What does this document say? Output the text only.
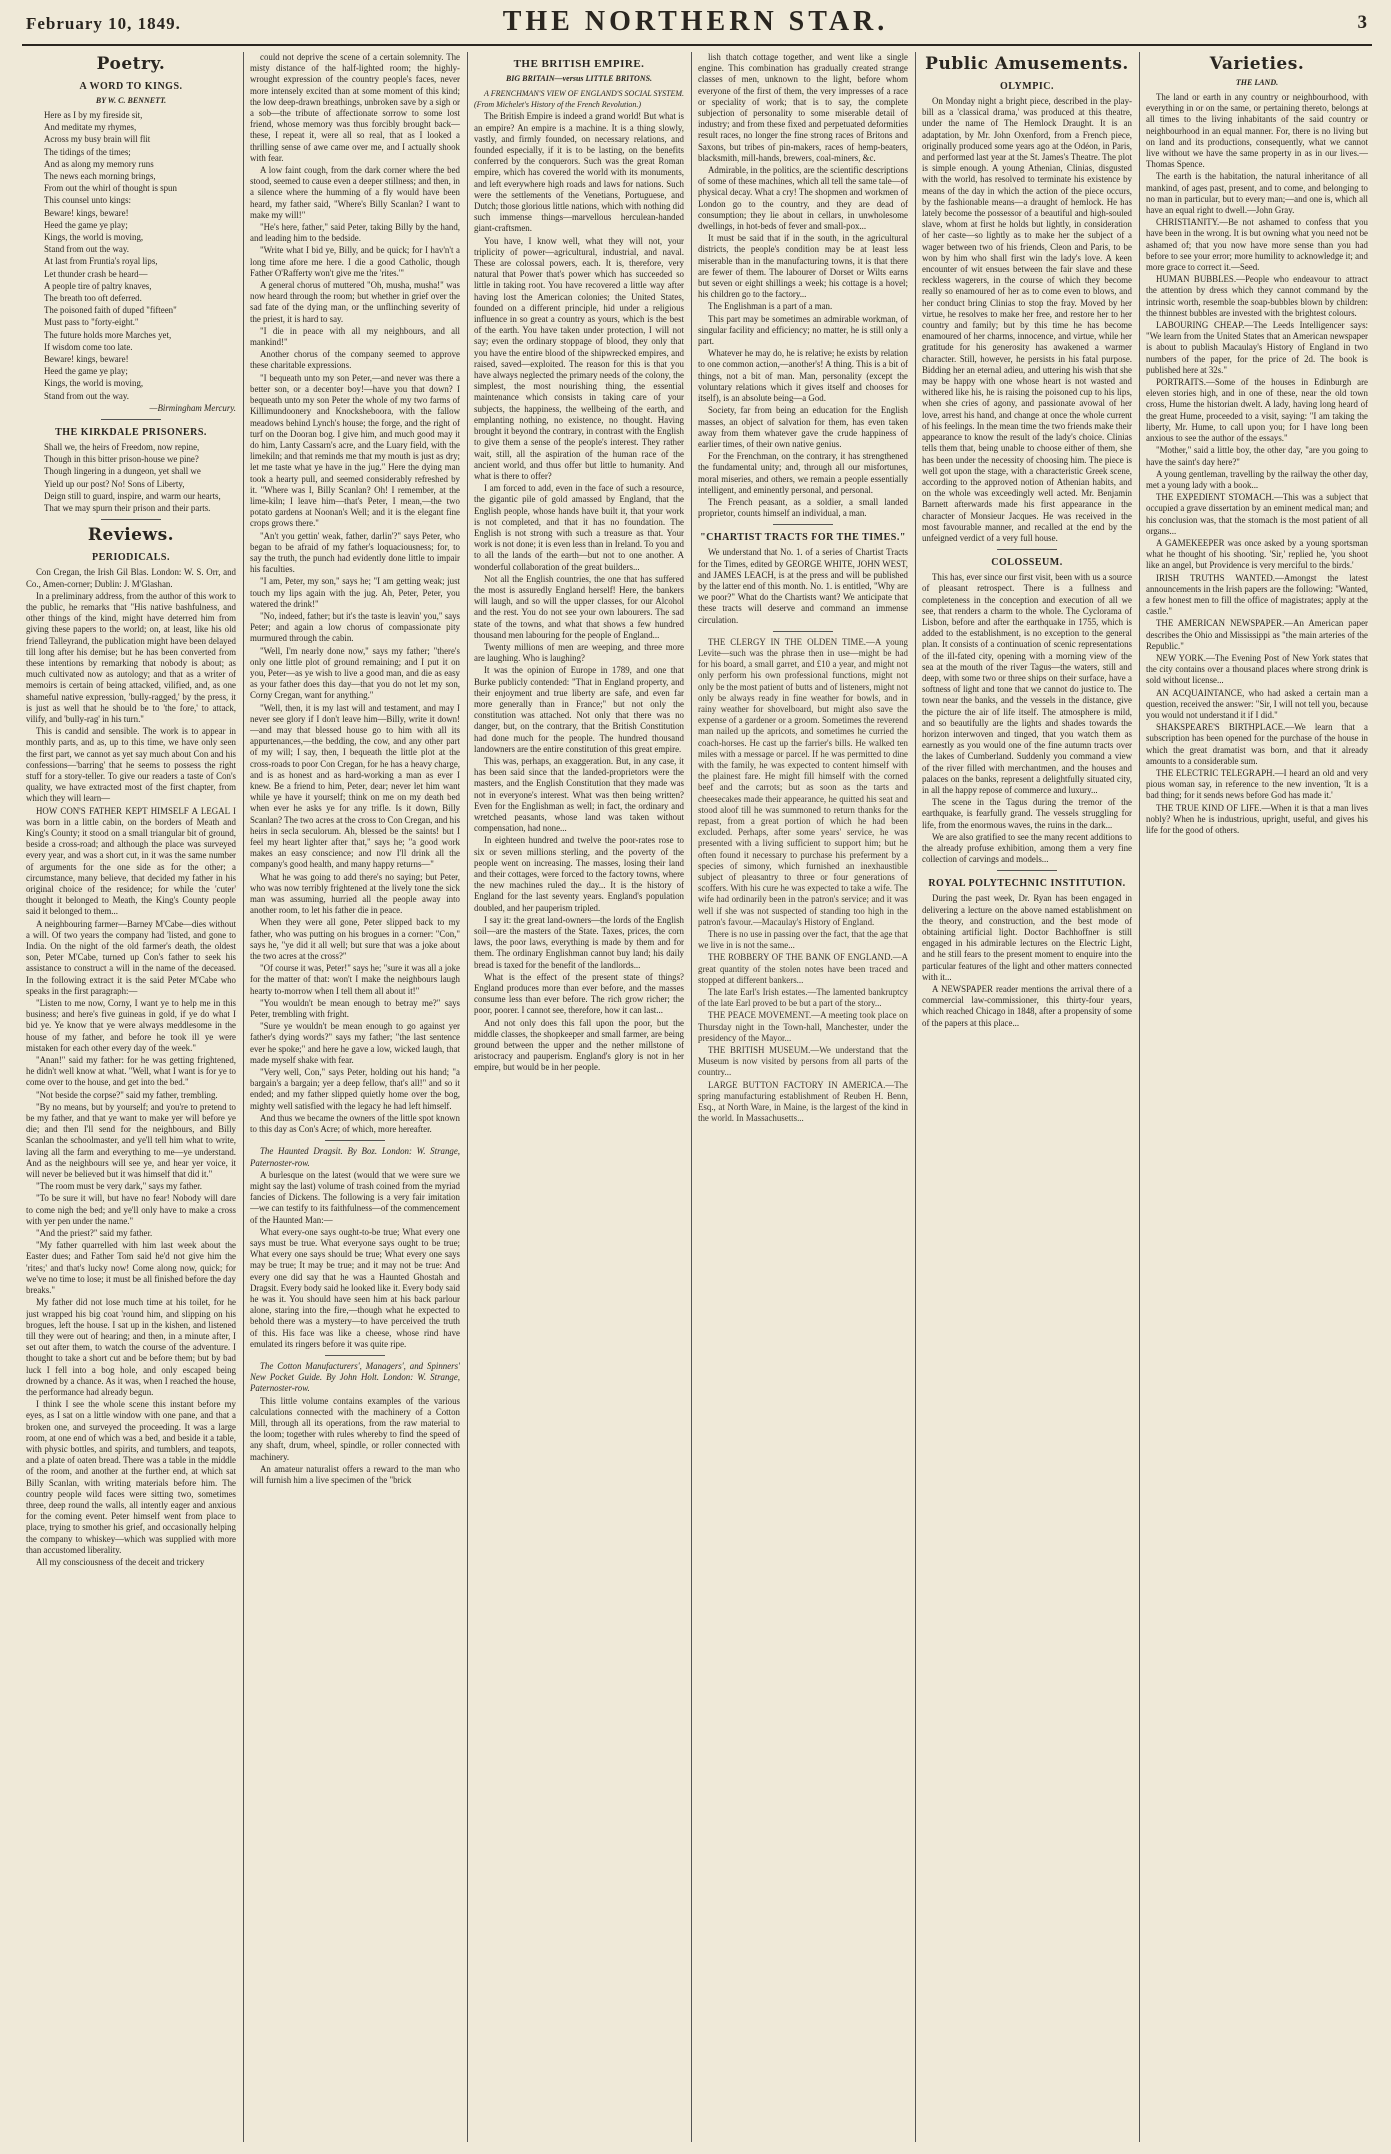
February 10, 1849.	THE NORTHERN STAR.	3
Poetry.
A WORD TO KINGS.
BY W. C. BENNETT.

Here as I by my fireside sit,

And meditate my rhymes,

Across my busy brain will flit

The tidings of the times;

And as along my memory runs

The news each morning brings,

From out the whirl of thought is spun

This counsel unto kings:

Beware! kings, beware!

Heed the game ye play;

Kings, the world is moving,

Stand from out the way.

At last from Fruntia's royal lips,

Let thunder crash be heard—

A people tire of paltry knaves,

The breath too oft deferred.

The poisoned faith of duped "fifteen"

Must pass to "forty-eight."

The future holds more Marches yet,

If wisdom come too late.

Beware! kings, beware!

Heed the game ye play;

Kings, the world is moving,

Stand from out the way.

—Birmingham Mercury.

THE KIRKDALE PRISONERS.

Shall we, the heirs of Freedom, now repine,

Though in this bitter prison-house we pine?

Though lingering in a dungeon, yet shall we

Yield up our post? No! Sons of Liberty,

Deign still to guard, inspire, and warm our hearts,

That we may spurn their prison and their parts.

Reviews.
PERIODICALS.

Con Cregan, the Irish Gil Blas. London: W. S. Orr, and Co., Amen-corner; Dublin: J. M'Glashan.

In a preliminary address, from the author of this work to the public, he remarks that "His native bashfulness, and other things of the kind, might have deterred him from giving these papers to the world; on, at least, like his old friend Talleyrand, the publication might have been delayed till long after his demise; but he has been converted from these intentions by remarking that nobody is about; as much cultivated now as autology; and that as a writer of memoirs is certain of being attacked, vilified, and, as one shameful native expression, 'bully-ragged,' by the press, it is just as well that he should be to 'the fore,' to attack, vilify, and 'bully-rag' in his turn."

This is candid and sensible. The work is to appear in monthly parts, and as, up to this time, we have only seen the first part, we cannot as yet say much about Con and his confessions—'barring' that he seems to possess the right stuff for a story-teller. To give our readers a taste of Con's quality, we have extracted most of the first chapter, from which they will learn—

HOW CON'S FATHER KEPT HIMSELF A LEGAL I was born in a little cabin, on the borders of Meath and King's County; it stood on a small triangular bit of ground, beside a cross-road; and although the place was surveyed every year, and was a short cut, in it was the same number of arguments for the one side as for the other; a circumstance, many believe, that decided my father in his original choice of the residence; for while the 'cuter' thought it belonged to Meath, the King's County people said it belonged to them...

A neighbouring farmer—Barney M'Cabe—dies without a will. Of two years the company had 'listed, and gone to India. On the night of the old farmer's death, the oldest son, Peter M'Cabe, turned up Con's father to seek his assistance to construct a will in the name of the deceased. In the following extract it is the said Peter M'Cabe who speaks in the first paragraph:—

"Listen to me now, Corny, I want ye to help me in this business; and here's five guineas in gold, if ye do what I bid ye. Ye know that ye were always meddlesome in the house of my father, and before he took ill ye were mistaken for each other every day of the week."

"Anan!" said my father: for he was getting frightened, he didn't well know at what. "Well, what I want is for ye to come over to the house, and get into the bed."

"Not beside the corpse?" said my father, trembling.

"By no means, but by yourself; and you're to pretend to be my father, and that ye want to make yer will before ye die; and then I'll send for the neighbours, and Billy Scanlan the schoolmaster, and ye'll tell him what to write, laving all the farm and everything to me—ye understand. And as the neighbours will see ye, and hear yer voice, it will never be believed but it was himself that did it."

"The room must be very dark," says my father.

"To be sure it will, but have no fear! Nobody will dare to come nigh the bed; and ye'll only have to make a cross with yer pen under the name."

"And the priest?" said my father.

"My father quarrelled with him last week about the Easter dues; and Father Tom said he'd not give him the 'rites;' and that's lucky now! Come along now, quick; for we've no time to lose; it must be all finished before the day breaks."

My father did not lose much time at his toilet, for he just wrapped his big coat 'round him, and slipping on his brogues, left the house. I sat up in the kishen, and listened till they were out of hearing; and then, in a minute after, I set out after them, to watch the course of the adventure. I thought to take a short cut and be before them; but by bad luck I fell into a bog hole, and only escaped being drowned by a chance. As it was, when I reached the house, the performance had already begun.

I think I see the whole scene this instant before my eyes, as I sat on a little window with one pane, and that a broken one, and surveyed the proceeding. It was a large room, at one end of which was a bed, and beside it a table, with physic bottles, and spirits, and tumblers, and teapots, and a plate of oaten bread. There was a table in the middle of the room, and another at the further end, at which sat Billy Scanlan, with writing materials before him. The country people wild faces were sitting two, sometimes three, deep round the walls, all intently eager and anxious for the coming event. Peter himself went from place to place, trying to smother his grief, and occasionally helping the company to whiskey—which was supplied with more than accustomed liberality.

All my consciousness of the deceit and trickery

could not deprive the scene of a certain solemnity. The misty distance of the half-lighted room; the highly-wrought expression of the country people's faces, never more intensely excited than at some moment of this kind; the low deep-drawn breathings, unbroken save by a sigh or a sob—the tribute of affectionate sorrow to some lost friend, whose memory was thus forcibly brought back—these, I repeat it, were all so real, that as I looked a thrilling sense of awe came over me, and I actually shook with fear.

A low faint cough, from the dark corner where the bed stood, seemed to cause even a deeper stillness; and then, in a silence where the humming of a fly would have been heard, my father said, "Where's Billy Scanlan? I want to make my will!"

"He's here, father," said Peter, taking Billy by the hand, and leading him to the bedside.

"Write what I bid ye, Billy, and be quick; for I hav'n't a long time afore me here. I die a good Catholic, though Father O'Rafferty won't give me the 'rites.'"

A general chorus of muttered "Oh, musha, musha!" was now heard through the room; but whether in grief over the sad fate of the dying man, or the unflinching severity of the priest, it is hard to say.

"I die in peace with all my neighbours, and all mankind!"

Another chorus of the company seemed to approve these charitable expressions.

"I bequeath unto my son Peter,—and never was there a better son, or a decenter boy!—have you that down? I bequeath unto my son Peter the whole of my two farms of Killimundoonery and Knocksheboora, with the fallow meadows behind Lynch's house; the forge, and the right of turf on the Dooran bog. I give him, and much good may it do him, Lanty Cassarn's acre, and the Luary field, with the limekiln; and that reminds me that my mouth is just as dry; let me taste what ye have in the jug." Here the dying man took a hearty pull, and seemed considerably refreshed by it. "Where was I, Billy Scanlan? Oh! I remember, at the lime-kiln; I leave him—that's Peter, I mean,—the two potato gardens at Noonan's Well; and it is the elegant fine crops grows there."

"An't you gettin' weak, father, darlin'?" says Peter, who began to be afraid of my father's loquaciousness; for, to say the truth, the punch had evidently done little to impair his faculties.

"I am, Peter, my son," says he; "I am getting weak; just touch my lips again with the jug. Ah, Peter, Peter, you watered the drink!"

"No, indeed, father; but it's the taste is leavin' you," says Peter; and again a low chorus of compassionate pity murmured through the cabin.

"Well, I'm nearly done now," says my father; "there's only one little plot of ground remaining; and I put it on you, Peter—as ye wish to live a good man, and die as easy as your father does this day—that you do not let my son, Corny Cregan, want for anything."

"Well, then, it is my last will and testament, and may I never see glory if I don't leave him—Billy, write it down!—and may that blessed house go to him with all its appurtenances,—the bedding, the cow, and any other part of my will; I say, then, I bequeath the little plot at the cross-roads to poor Con Cregan, for he has a heavy charge, and is as honest and as hard-working a man as ever I knew. Be a friend to him, Peter, dear; never let him want while ye have it yourself; think on me on my death bed when ever he asks ye for any trifle. Is it down, Billy Scanlan? The two acres at the cross to Con Cregan, and his heirs in secla seculorum. Ah, blessed be the saints! but I feel my heart lighter after that," says he; "a good work makes an easy conscience; and now I'll drink all the company's good health, and many happy returns—"

What he was going to add there's no saying; but Peter, who was now terribly frightened at the lively tone the sick man was assuming, hurried all the people away into another room, to let his father die in peace.

When they were all gone, Peter slipped back to my father, who was putting on his brogues in a corner: "Con," says he, "ye did it all well; but sure that was a joke about the two acres at the cross?"

"Of course it was, Peter!" says he; "sure it was all a joke for the matter of that: won't I make the neighbours laugh hearty to-morrow when I tell them all about it!"

"You wouldn't be mean enough to betray me?" says Peter, trembling with fright.

"Sure ye wouldn't be mean enough to go against yer father's dying words?" says my father; "the last sentence ever he spoke;" and here he gave a low, wicked laugh, that made myself shake with fear.

"Very well, Con," says Peter, holding out his hand; "a bargain's a bargain; yer a deep fellow, that's all!" and so it ended; and my father slipped quietly home over the bog, mighty well satisfied with the legacy he had left himself.

And thus we became the owners of the little spot known to this day as Con's Acre; of which, more hereafter.

The Haunted Dragsit. By Boz. London: W. Strange, Paternoster-row.

A burlesque on the latest (would that we were sure we might say the last) volume of trash coined from the myriad fancies of Dickens. The following is a very fair imitation—we can testify to its faithfulness—of the commencement of the Haunted Man:—

What every-one says ought-to-be true; What every one says must be true. What everyone says ought to be true; What every one says should be true; What every one says may be true; It may be true; and it may not be true: And every one did say that he was a Haunted Ghostah and Dragsit. Every body said he looked like it. Every body said he was it. You should have seen him at his back parlour alone, staring into the fire,—though what he expected to behold there was a mystery—to have perceived the truth of this. His face was like a cheese, whose rind have emulated its ringers before it was quite ripe.

The Cotton Manufacturers', Managers', and Spinners' New Pocket Guide. By John Holt. London: W. Strange, Paternoster-row.

This little volume contains examples of the various calculations connected with the machinery of a Cotton Mill, through all its operations, from the raw material to the loom; together with rules whereby to find the speed of any shaft, drum, wheel, spindle, or roller connected with machinery.

An amateur naturalist offers a reward to the man who will furnish him a live specimen of the "brick

THE BRITISH EMPIRE.
BIG BRITAIN—versus LITTLE BRITONS.

A FRENCHMAN'S VIEW OF ENGLAND'S SOCIAL SYSTEM. (From Michelet's History of the French Revolution.)

The British Empire is indeed a grand world! But what is an empire? An empire is a machine. It is a thing slowly, vastly, and firmly founded, on necessary relations, and founded especially, if it is to be lasting, on the benefits conferred by the conquerors. Such was the great Roman empire, which has covered the world with its monuments, and left everywhere high roads and laws for nations. Such were the settlements of the Venetians, Portuguese, and Dutch; those glorious little nations, which with nothing did such immense things—marvellous herculean-handed giant-craftsmen.

You have, I know well, what they will not, your triplicity of power—agricultural, industrial, and naval. These are colossal powers, each. It is, therefore, very natural that Power that's power which has succeeded so little in taking root. You have recovered a little way after having lost the American colonies; the United States, founded on a different principle, hid under a religious influence in so great a country as yours, which is the best of the earth. You have taken under protection, I will not say; even the ordinary stoppage of blood, they only that you have the entire blood of the shipwrecked empires, and raised, saved—exploited. The reason for this is that you have always neglected the primary needs of the colony, the simplest, the most nourishing thing, the essential maintenance which consists in taking care of your subjects, the happiness, the wellbeing of the earth, and emplanting nothing, no existence, no thought. Having brought it beyond the contrary, in contrast with the English to give them a sense of the people's interest. They rather wait, still, all the aspiration of the human race of the ancient world, and thus offer but little to humanity. And what is there to offer?

I am forced to add, even in the face of such a resource, the gigantic pile of gold amassed by England, that the English people, whose hands have built it, that your work is not completed, and that it has no foundation. The English is not strong with such a treasure as that. Your work is not done; it is even less than in Ireland. To you and to all the lands of the earth—but not to one another. A wonderful collaboration of the great builders...

Not all the English countries, the one that has suffered the most is assuredly England herself! Here, the bankers will laugh, and so will the upper classes, for our Alcohol and the rest. You do not see your own labourers. The sad state of the towns, and what that shows a few hundred thousand men labouring for the people of England...

Twenty millions of men are weeping, and three more are laughing. Who is laughing?

It was the opinion of Europe in 1789, and one that Burke publicly contended: "That in England property, and their enjoyment and true liberty are safe, and even far more generally than in France;" but not only the constitution was attached. Not only that there was no danger, but, on the contrary, that the British Constitution had done much for the people. The hundred thousand landowners are the entire constitution of this great empire.

This was, perhaps, an exaggeration. But, in any case, it has been said since that the landed-proprietors were the masters, and the English Constitution that they made was not in everyone's interest. What was then being written? Even for the Englishman as well; in fact, the ordinary and wretched peasants, whose land was taken without compensation, had none...

In eighteen hundred and twelve the poor-rates rose to six or seven millions sterling, and the poverty of the people went on increasing. The masses, losing their land and their cottages, were forced to the factory towns, where the new machines ruled the day... It is the history of England for the last seventy years. England's population doubled, and her pauperism tripled.

I say it: the great land-owners—the lords of the English soil—are the masters of the State. Taxes, prices, the corn laws, the poor laws, everything is made by them and for them. The ordinary Englishman cannot buy land; his daily bread is taxed for the benefit of the landlords...

What is the effect of the present state of things? England produces more than ever before, and the masses consume less than ever before. The rich grow richer; the poor, poorer. I cannot see, therefore, how it can last...

And not only does this fall upon the poor, but the middle classes, the shopkeeper and small farmer, are being ground between the upper and the nether millstone of aristocracy and pauperism. England's glory is not in her empire, but would be in her people.

lish thatch cottage together, and went like a single engine. This combination has gradually created strange classes of men, unknown to the light, before whom everyone of the first of them, the very impresses of a race or speciality of work; that is to say, the complete subjection of personality to some miserable detail of industry; and from these fixed and perpetuated deformities result races, no longer the fine strong races of Britons and Saxons, but tribes of pin-makers, races of hemp-beaters, blacksmith, mill-hands, brewers, coal-miners, &c.

Admirable, in the politics, are the scientific descriptions of some of these machines, which all tell the same tale—of physical decay. What a cry! The shopmen and workmen of London go to the country, and they are dead of consumption; they lie about in cellars, in unwholesome dwellings, in hot-beds of fever and small-pox...

It must be said that if in the south, in the agricultural districts, the people's condition may be at least less miserable than in the manufacturing towns, it is that there are fewer of them. The labourer of Dorset or Wilts earns but seven or eight shillings a week; his cottage is a hovel; his children go to the factory...

The Englishman is a part of a man.

This part may be sometimes an admirable workman, of singular facility and efficiency; no matter, he is still only a part.

Whatever he may do, he is relative; he exists by relation to one common action,—another's! A thing. This is a bit of things, not a bit of man. Man, personality (except the voluntary relations which it gives itself and chooses for itself), is an absolute being—a God.

Society, far from being an education for the English masses, an object of salvation for them, has even taken away from them whatever gave the crude happiness of earlier times, of their own native genius.

For the Frenchman, on the contrary, it has strengthened the fundamental unity; and, through all our misfortunes, moral miseries, and others, we remain a people essentially intelligent, and eminently personal, and personal.

The French peasant, as a soldier, a small landed proprietor, counts himself an individual, a man.

"CHARTIST TRACTS FOR THE TIMES."

We understand that No. 1. of a series of Chartist Tracts for the Times, edited by GEORGE WHITE, JOHN WEST, and JAMES LEACH, is at the press and will be published by the latter end of this month. No. 1. is entitled, "Why are we poor?" What do the Chartists want? We anticipate that these tracts will deserve and command an immense circulation.

THE CLERGY IN THE OLDEN TIME.—A young Levite—such was the phrase then in use—might be had for his board, a small garret, and £10 a year, and might not only perform his own professional functions, might not only be the most patient of butts and of listeners, might not only be always ready in fine weather for bowls, and in rainy weather for shovelboard, but might also save the expense of a gardener or a groom. Sometimes the reverend man nailed up the apricots, and sometimes he curried the coach-horses. He cast up the farrier's bills. He walked ten miles with a message or parcel. If he was permitted to dine with the family, he was expected to content himself with the plainest fare. He might fill himself with the corned beef and the carrots; but as soon as the tarts and cheesecakes made their appearance, he quitted his seat and stood aloof till he was summoned to return thanks for the repast, from a great portion of which he had been excluded. Perhaps, after some years' service, he was presented with a living sufficient to support him; but he often found it necessary to purchase his preferment by a species of simony, which furnished an inexhaustible subject of pleasantry to three or four generations of scoffers. With his cure he was expected to take a wife. The wife had ordinarily been in the patron's service; and it was well if she was not suspected of standing too high in the patron's favour.—Macaulay's History of England.

There is no use in passing over the fact, that the age that we live in is not the same...

THE ROBBERY OF THE BANK OF ENGLAND.—A great quantity of the stolen notes have been traced and stopped at different bankers...

The late Earl's Irish estates.—The lamented bankruptcy of the late Earl proved to be but a part of the story...

THE PEACE MOVEMENT.—A meeting took place on Thursday night in the Town-hall, Manchester, under the presidency of the Mayor...

THE BRITISH MUSEUM.—We understand that the Museum is now visited by persons from all parts of the country...

LARGE BUTTON FACTORY IN AMERICA.—The spring manufacturing establishment of Reuben H. Benn, Esq., at North Ware, in Maine, is the largest of the kind in the world. In Massachusetts...

Public Amusements.
OLYMPIC.

On Monday night a bright piece, described in the play-bill as a 'classical drama,' was produced at this theatre, under the name of The Hemlock Draught. It is an adaptation, by Mr. John Oxenford, from a French piece, originally produced some years ago at the Odéon, in Paris, and performed last year at the St. James's Theatre. The plot is simple enough. A young Athenian, Clinias, disgusted with the world, has resolved to terminate his existence by means of the day in which the action of the piece occurs, by the fashionable means—a draught of hemlock. He has lately become the possessor of a beautiful and high-souled slave, whom at first he holds but lightly, in consideration of her caste—so lightly as to make her the subject of a wager between two of his friends, Cleon and Paris, to be won by him who shall first win the lady's love. A keen encounter of wit ensues between the fair slave and these reckless wagerers, in the course of which they become really so enamoured of her as to come even to blows, and her conduct bring Clinias to stop the fray. Moved by her virtue, he resolves to make her free, and restore her to her country and family; but by this time he has become enamoured of her charms, innocence, and virtue, while her gratitude for his generosity has awakened a warmer character. Still, however, he persists in his fatal purpose. Bidding her an eternal adieu, and uttering his wish that she may be happy with one whose heart is not wasted and withered like his, he is raising the poisoned cup to his lips, when she cries of agony, and passionate avowal of her love, arrest his hand, and change at once the whole current of his feelings. In the mean time the two friends make their appearance to know the result of the lady's choice. Clinias tells them that, being unable to choose either of them, she has been under the necessity of choosing him. The piece is well got upon the stage, with a characteristic Greek scene, according to the approved notion of Athenian habits, and on the whole was exceedingly well acted. Mr. Benjamin Barnett afterwards made his first appearance in the character of Monsieur Jacques. He was received in the most favourable manner, and recalled at the end by the unfeigned verdict of a very full house.

COLOSSEUM.

This has, ever since our first visit, been with us a source of pleasant retrospect. There is a fullness and completeness in the conception and execution of all we see, that renders a charm to the whole. The Cyclorama of Lisbon, before and after the earthquake in 1755, which is added to the establishment, is no exception to the general plan. It consists of a continuation of scenic representations of the ill-fated city, opening with a morning view of the sea at the mouth of the river Tagus—the waters, still and deep, with some two or three ships on their surface, have a softness of light and tone that we cannot do justice to. The town near the banks, and the vessels in the distance, give the picture the air of life itself. The atmosphere is mild, and so beautifully are the lights and shades towards the horizon interwoven and tinged, that you watch them as earnestly as you would one of the fine autumn tracts over the lakes of Cumberland. Suddenly you command a view of the river filled with merchantmen, and the houses and palaces on the banks, represent a delightfully situated city, in all the happy repose of commerce and luxury...

The scene in the Tagus during the tremor of the earthquake, is fearfully grand. The vessels struggling for life, from the enormous waves, the ruins in the dark...

We are also gratified to see the many recent additions to the already profuse exhibition, among them a very fine collection of carvings and models...

ROYAL POLYTECHNIC INSTITUTION.

During the past week, Dr. Ryan has been engaged in delivering a lecture on the above named establishment on the theory, and construction, and the best mode of obtaining artificial light. Doctor Bachhoffner is still engaged in his admirable lectures on the Electric Light, and he still fears to the present moment to enquire into the particular features of the light and other matters connected with it...

A NEWSPAPER reader mentions the arrival there of a commercial law-commissioner, this thirty-four years, which reached Chicago in 1848, after a propensity of some of the papers at this place...

Varieties.
THE LAND.

The land or earth in any country or neighbourhood, with everything in or on the same, or pertaining thereto, belongs at all times to the living inhabitants of the said country or neighbourhood in an equal manner. For, there is no living but on land and its productions, consequently, what we cannot live without we have the same property in as in our lives.—Thomas Spence.

The earth is the habitation, the natural inheritance of all mankind, of ages past, present, and to come, and belonging to no man in particular, but to every man;—and one is, which all have an equal right to dwell.—John Gray.

CHRISTIANITY.—Be not ashamed to confess that you have been in the wrong. It is but owning what you need not be ashamed of; that you now have more sense than you had before to see your error; more humility to acknowledge it; and more grace to correct it.—Seed.

HUMAN BUBBLES.—People who endeavour to attract the attention by dress which they cannot command by the intrinsic worth, resemble the soap-bubbles blown by children: the thinnest bubbles are invested with the brightest colours.

LABOURING CHEAP.—The Leeds Intelligencer says: "We learn from the United States that an American newspaper is about to publish Macaulay's History of England in two numbers of the paper, for the price of 2d. The book is published here at 32s."

PORTRAITS.—Some of the houses in Edinburgh are eleven stories high, and in one of these, near the old town cross, Hume the historian dwelt. A lady, having long heard of the great Hume, proceeded to a visit, saying: "I am taking the liberty, Mr. Hume, to call upon you; for I have long been anxious to see the author of the essays."

"Mother," said a little boy, the other day, "are you going to have the saint's day here?"

A young gentleman, travelling by the railway the other day, met a young lady with a book...

THE EXPEDIENT STOMACH.—This was a subject that occupied a grave dissertation by an eminent medical man; and his conclusion was, that the stomach is the most patient of all organs...

A GAMEKEEPER was once asked by a young sportsman what he thought of his shooting. 'Sir,' replied he, 'you shoot like an angel, but Providence is very merciful to the birds.'

IRISH TRUTHS WANTED.—Amongst the latest announcements in the Irish papers are the following: "Wanted, a few honest men to fill the office of magistrates; apply at the castle."

THE AMERICAN NEWSPAPER.—An American paper describes the Ohio and Mississippi as "the main arteries of the Republic."

NEW YORK.—The Evening Post of New York states that the city contains over a thousand places where strong drink is sold without license...

AN ACQUAINTANCE, who had asked a certain man a question, received the answer: "Sir, I will not tell you, because you would not understand it if I did."

SHAKSPEARE'S BIRTHPLACE.—We learn that a subscription has been opened for the purchase of the house in which the great dramatist was born, and that it already amounts to a considerable sum.

THE ELECTRIC TELEGRAPH.—I heard an old and very pious woman say, in reference to the new invention, 'It is a bad thing; for it sends news before God has made it.'

THE TRUE KIND OF LIFE.—When it is that a man lives nobly? When he is industrious, upright, useful, and gives his life for the good of others.
